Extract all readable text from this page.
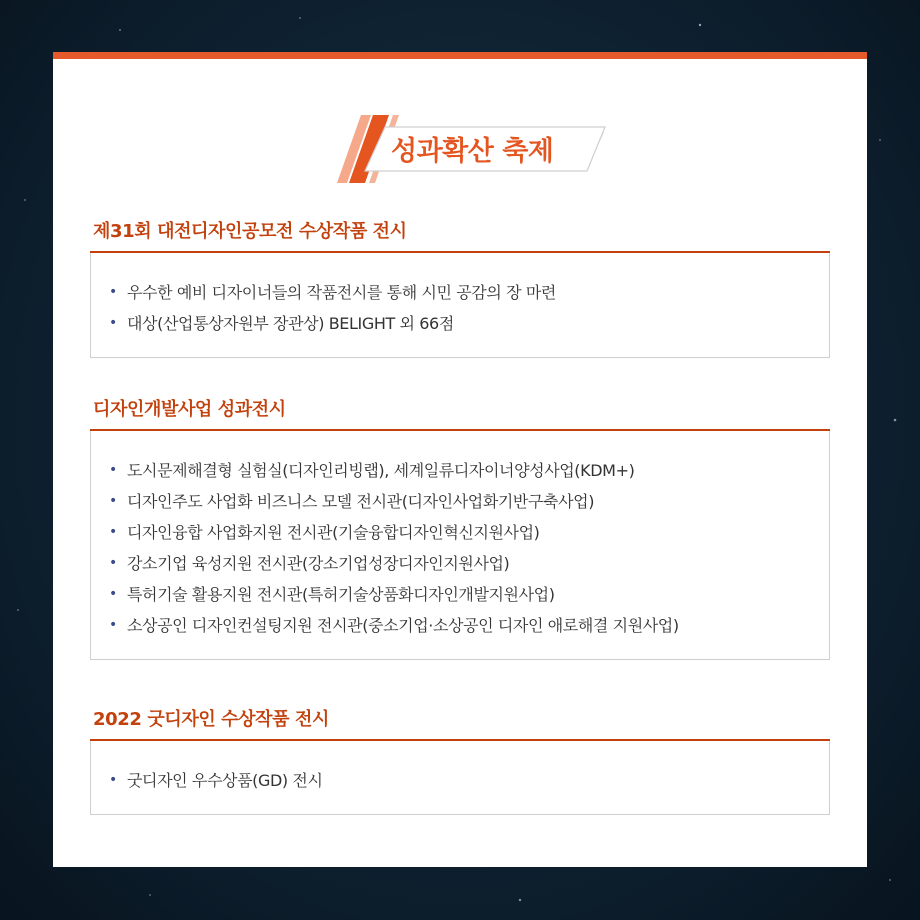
성과확산 축제
제31회 대전디자인공모전 수상작품 전시
• 우수한 예비 디자이너들의 작품전시를 통해 시민 공감의 장 마련
• 대상(산업통상자원부 장관상) BELIGHT 외 66점
디자인개발사업 성과전시
• 도시문제해결형 실험실(디자인리빙랩), 세계일류디자이너양성사업(KDM+)
• 디자인주도 사업화 비즈니스 모델 전시관(디자인사업화기반구축사업)
• 디자인융합 사업화지원 전시관(기술융합디자인혁신지원사업)
• 강소기업 육성지원 전시관(강소기업성장디자인지원사업)
• 특허기술 활용지원 전시관(특허기술상품화디자인개발지원사업)
• 소상공인 디자인컨설팅지원 전시관(중소기업·소상공인 디자인 애로해결 지원사업)
2022 굿디자인 수상작품 전시
• 굿디자인 우수상품(GD) 전시
